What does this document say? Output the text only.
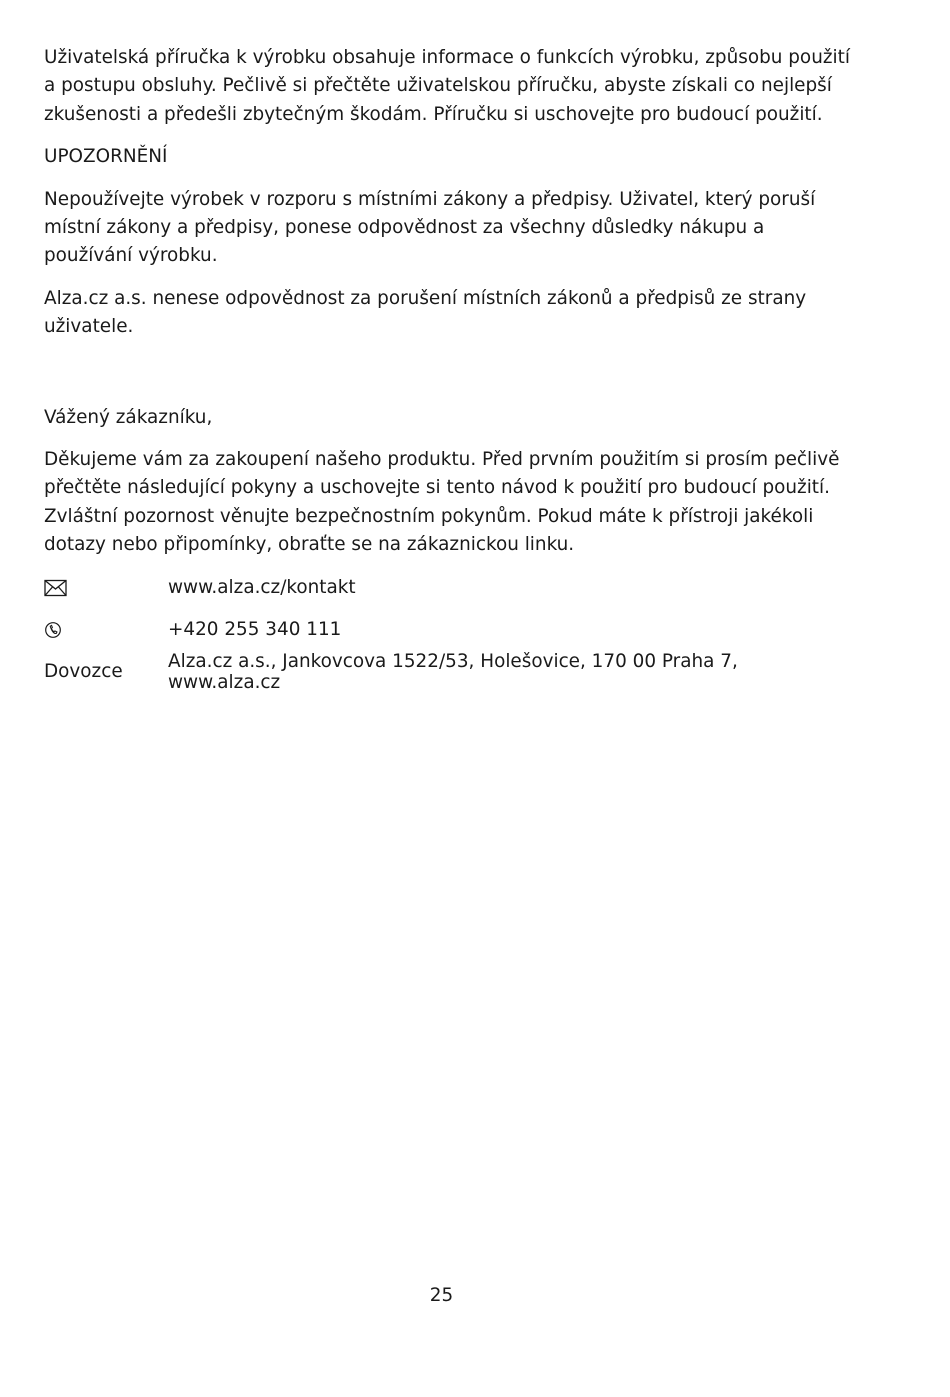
Uživatelská příručka k výrobku obsahuje informace o funkcích výrobku, způsobu použití a postupu obsluhy. Pečlivě si přečtěte uživatelskou příručku, abyste získali co nejlepší zkušenosti a předešli zbytečným škodám. Příručku si uschovejte pro budoucí použití.

UPOZORNĚNÍ

Nepoužívejte výrobek v rozporu s místními zákony a předpisy. Uživatel, který poruší místní zákony a předpisy, ponese odpovědnost za všechny důsledky nákupu a používání výrobku.

Alza.cz a.s. nenese odpovědnost za porušení místních zákonů a předpisů ze strany uživatele.

Vážený zákazníku,

Děkujeme vám za zakoupení našeho produktu. Před prvním použitím si prosím pečlivě přečtěte následující pokyny a uschovejte si tento návod k použití pro budoucí použití. Zvláštní pozornost věnujte bezpečnostním pokynům. Pokud máte k přístroji jakékoli dotazy nebo připomínky, obraťte se na zákaznickou linku.

www.alza.cz/kontakt
+420 255 340 111
Dovozce	Alza.cz a.s., Jankovcova 1522/53, Holešovice, 170 00 Praha 7, www.alza.cz
25
